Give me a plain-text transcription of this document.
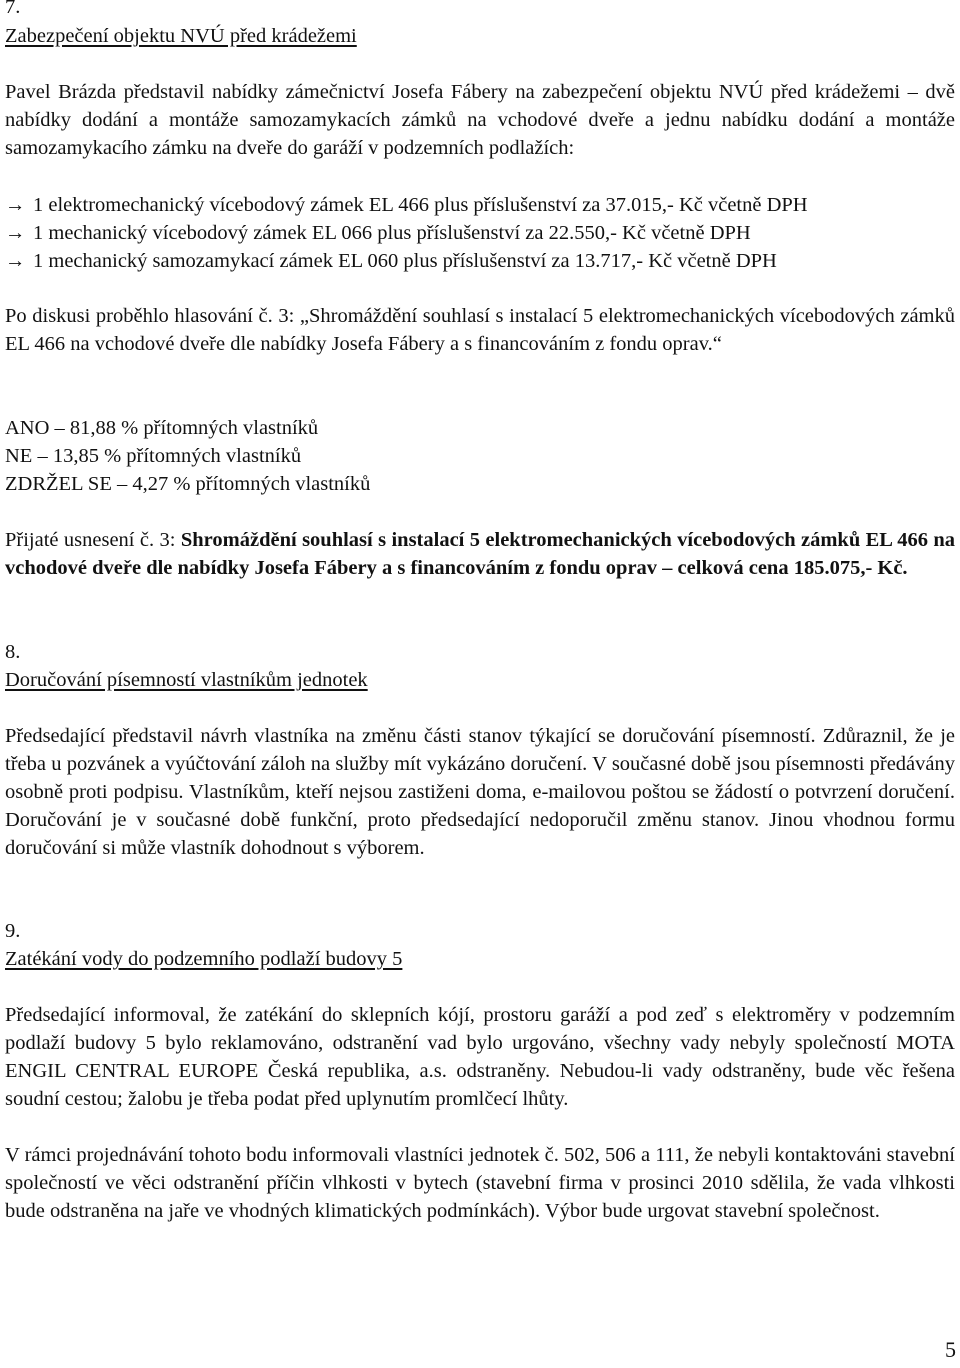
7.

Zabezpečení objektu NVÚ před krádežemi

Pavel Brázda představil nabídky zámečnictví Josefa Fábery na zabezpečení objektu NVÚ před krádežemi – dvě nabídky dodání a montáže samozamykacích zámků na vchodové dveře a jednu nabídku dodání a montáže samozamykacího zámku na dveře do garáží v podzemních podlažích:

→ 1 elektromechanický vícebodový zámek EL 466 plus příslušenství za 37.015,- Kč včetně DPH
→ 1 mechanický vícebodový zámek EL 066 plus příslušenství za 22.550,- Kč včetně DPH
→ 1 mechanický samozamykací zámek EL 060 plus příslušenství za 13.717,- Kč včetně DPH

Po diskusi proběhlo hlasování č. 3: „Shromáždění souhlasí s instalací 5 elektromechanických vícebodových zámků EL 466 na vchodové dveře dle nabídky Josefa Fábery a s financováním z fondu oprav.“

ANO – 81,88 % přítomných vlastníků
NE – 13,85 % přítomných vlastníků
ZDRŽEL SE – 4,27 % přítomných vlastníků

Přijaté usnesení č. 3: Shromáždění souhlasí s instalací 5 elektromechanických vícebodových zámků EL 466 na vchodové dveře dle nabídky Josefa Fábery a s financováním z fondu oprav – celková cena 185.075,- Kč.

8.

Doručování písemností vlastníkům jednotek

Předsedající představil návrh vlastníka na změnu části stanov týkající se doručování písemností. Zdůraznil, že je třeba u pozvánek a vyúčtování záloh na služby mít vykázáno doručení. V současné době jsou písemnosti předávány osobně proti podpisu. Vlastníkům, kteří nejsou zastiženi doma, e-mailovou poštou se žádostí o potvrzení doručení. Doručování je v současné době funkční, proto předsedající nedoporučil změnu stanov. Jinou vhodnou formu doručování si může vlastník dohodnout s výborem.

9.

Zatékání vody do podzemního podlaží budovy 5

Předsedající informoval, že zatékání do sklepních kójí, prostoru garáží a pod zeď s elektroměry v podzemním podlaží budovy 5 bylo reklamováno, odstranění vad bylo urgováno, všechny vady nebyly společností MOTA ENGIL CENTRAL EUROPE Česká republika, a.s. odstraněny. Nebudou-li vady odstraněny, bude věc řešena soudní cestou; žalobu je třeba podat před uplynutím promlčecí lhůty.

V rámci projednávání tohoto bodu informovali vlastníci jednotek č. 502, 506 a 111, že nebyli kontaktováni stavební společností ve věci odstranění příčin vlhkosti v bytech (stavební firma v prosinci 2010 sdělila, že vada vlhkosti bude odstraněna na jaře ve vhodných klimatických podmínkách). Výbor bude urgovat stavební společnost.

5
